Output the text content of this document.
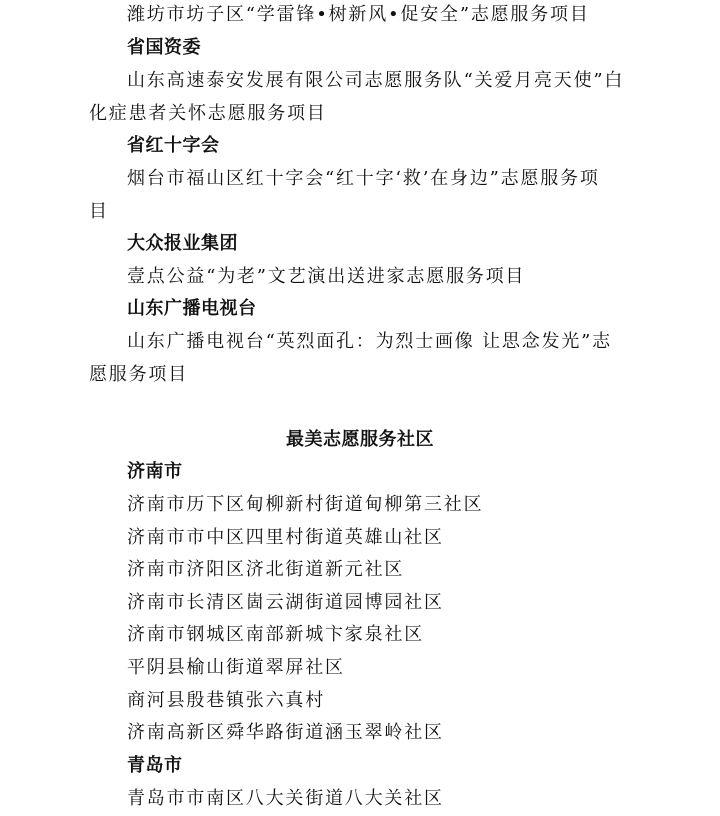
潍坊市坊子区“学雷锋•树新风•促安全”志愿服务项目
省国资委
山东高速泰安发展有限公司志愿服务队“关爱月亮天使”白
化症患者关怀志愿服务项目
省红十字会
烟台市福山区红十字会“红十字‘救’在身边”志愿服务项
目
大众报业集团
壹点公益“为老”文艺演出送进家志愿服务项目
山东广播电视台
山东广播电视台“英烈面孔：为烈士画像 让思念发光”志
愿服务项目
最美志愿服务社区
济南市
济南市历下区甸柳新村街道甸柳第三社区
济南市市中区四里村街道英雄山社区
济南市济阳区济北街道新元社区
济南市长清区崮云湖街道园博园社区
济南市钢城区南部新城卞家泉社区
平阴县榆山街道翠屏社区
商河县殷巷镇张六真村
济南高新区舜华路街道涵玉翠岭社区
青岛市
青岛市市南区八大关街道八大关社区
